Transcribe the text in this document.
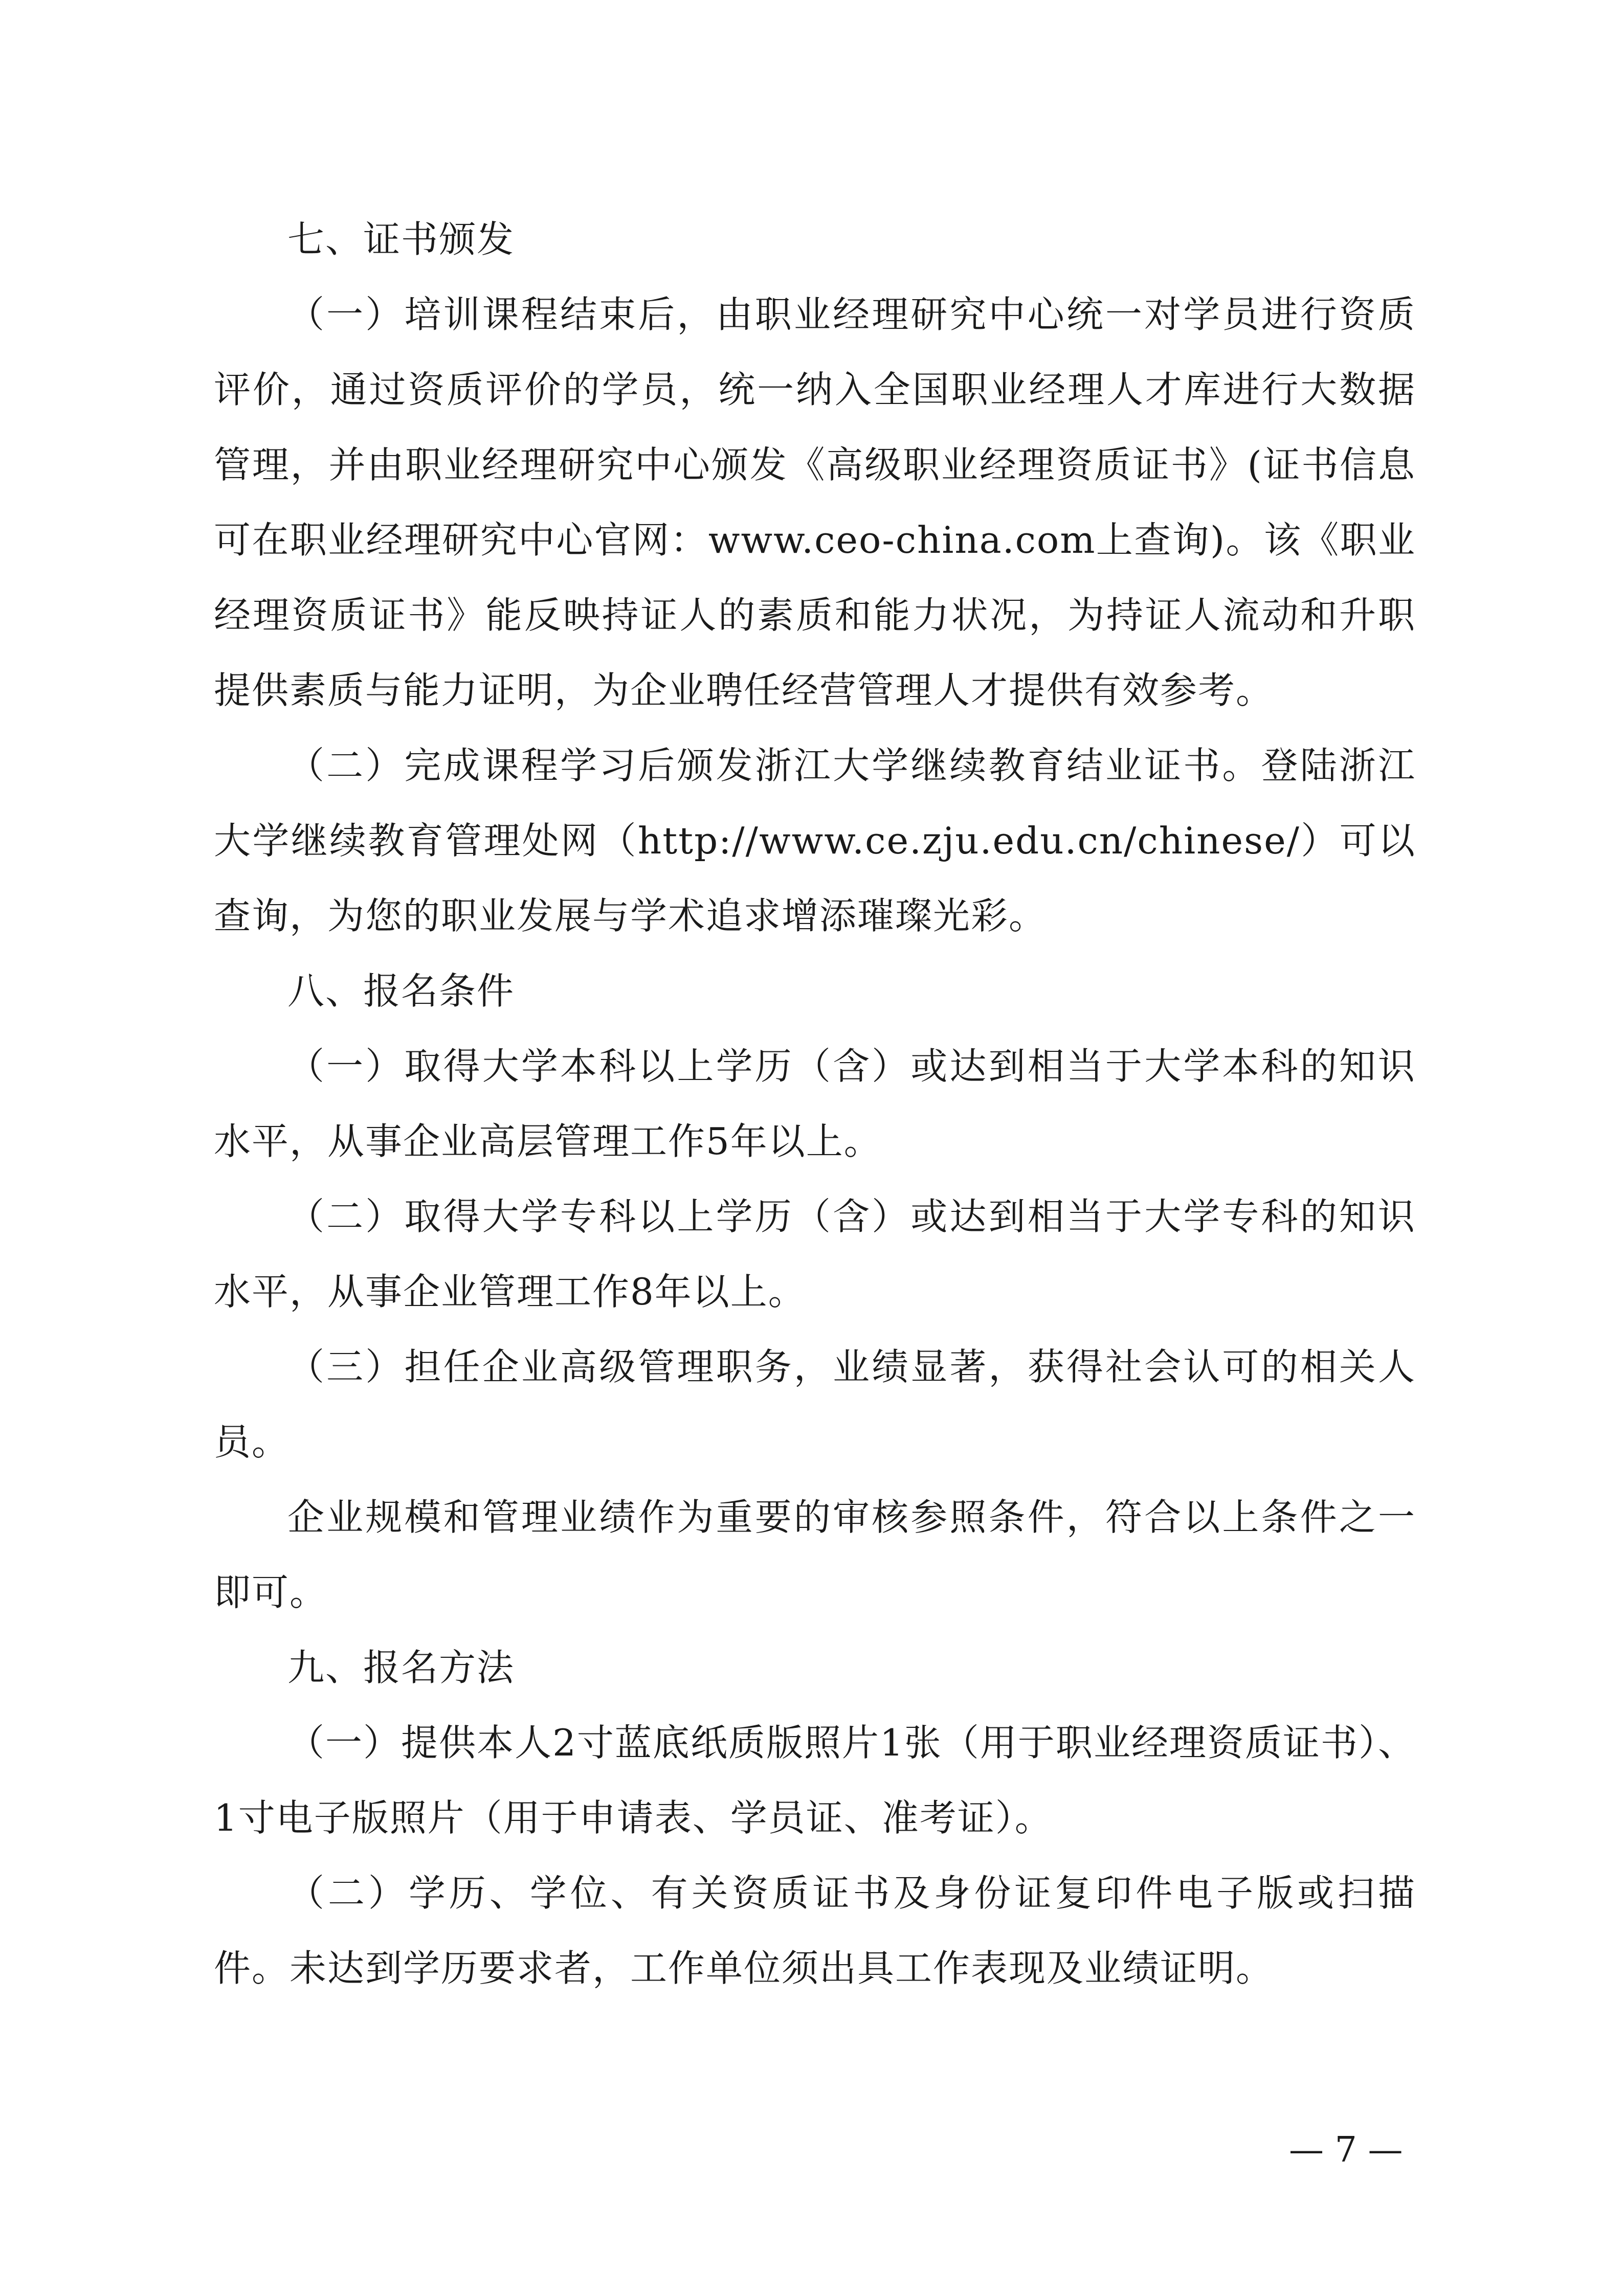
七、证书颁发

（一）培训课程结束后，由职业经理研究中心统一对学员进行资质评价，通过资质评价的学员，统一纳入全国职业经理人才库进行大数据管理，并由职业经理研究中心颁发《高级职业经理资质证书》(证书信息可在职业经理研究中心官网：www.ceo-china.com上查询)。该《职业经理资质证书》能反映持证人的素质和能力状况，为持证人流动和升职提供素质与能力证明，为企业聘任经营管理人才提供有效参考。

（二）完成课程学习后颁发浙江大学继续教育结业证书。登陆浙江大学继续教育管理处网（http://www.ce.zju.edu.cn/chinese/）可以查询，为您的职业发展与学术追求增添璀璨光彩。

八、报名条件

（一）取得大学本科以上学历（含）或达到相当于大学本科的知识水平，从事企业高层管理工作5年以上。

（二）取得大学专科以上学历（含）或达到相当于大学专科的知识水平，从事企业管理工作8年以上。

（三）担任企业高级管理职务，业绩显著，获得社会认可的相关人员。

企业规模和管理业绩作为重要的审核参照条件，符合以上条件之一即可。

九、报名方法

（一）提供本人2寸蓝底纸质版照片1张（用于职业经理资质证书）、1寸电子版照片（用于申请表、学员证、准考证）。

（二）学历、学位、有关资质证书及身份证复印件电子版或扫描件。未达到学历要求者，工作单位须出具工作表现及业绩证明。

— 7 —
